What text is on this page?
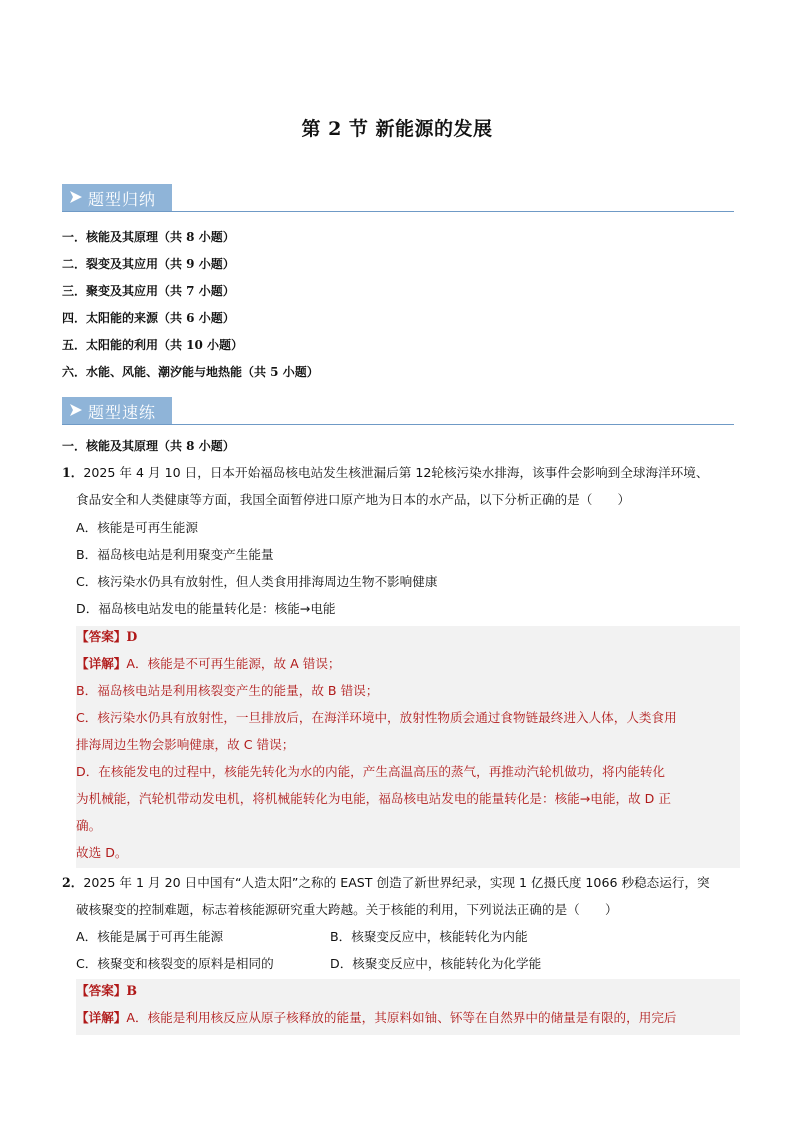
第 2 节 新能源的发展
题型归纳
一．核能及其原理（共 8 小题）
二．裂变及其应用（共 9 小题）
三．聚变及其应用（共 7 小题）
四．太阳能的来源（共 6 小题）
五．太阳能的利用（共 10 小题）
六．水能、风能、潮汐能与地热能（共 5 小题）
题型速练
一．核能及其原理（共 8 小题）
1．2025 年 4 月 10 日，日本开始福岛核电站发生核泄漏后第 12轮核污染水排海，该事件会影响到全球海洋环境、
食品安全和人类健康等方面，我国全面暂停进口原产地为日本的水产品，以下分析正确的是（　　）
A．核能是可再生能源
B．福岛核电站是利用聚变产生能量
C．核污染水仍具有放射性，但人类食用排海周边生物不影响健康
D．福岛核电站发电的能量转化是：核能→电能
【答案】D
【详解】A．核能是不可再生能源，故 A 错误；
B．福岛核电站是利用核裂变产生的能量，故 B 错误；
C．核污染水仍具有放射性，一旦排放后，在海洋环境中，放射性物质会通过食物链最终进入人体，人类食用
排海周边生物会影响健康，故 C 错误；
D．在核能发电的过程中，核能先转化为水的内能，产生高温高压的蒸气，再推动汽轮机做功，将内能转化
为机械能，汽轮机带动发电机，将机械能转化为电能，福岛核电站发电的能量转化是：核能→电能，故 D 正
确。
故选 D。
2．2025 年 1 月 20 日中国有“人造太阳”之称的 EAST 创造了新世界纪录，实现 1 亿摄氏度 1066 秒稳态运行，突
破核聚变的控制难题，标志着核能源研究重大跨越。关于核能的利用，下列说法正确的是（　　）
A．核能是属于可再生能源	B．核聚变反应中，核能转化为内能
C．核聚变和核裂变的原料是相同的	D．核聚变反应中，核能转化为化学能
【答案】B
【详解】A．核能是利用核反应从原子核释放的能量，其原料如铀、钚等在自然界中的储量是有限的，用完后
